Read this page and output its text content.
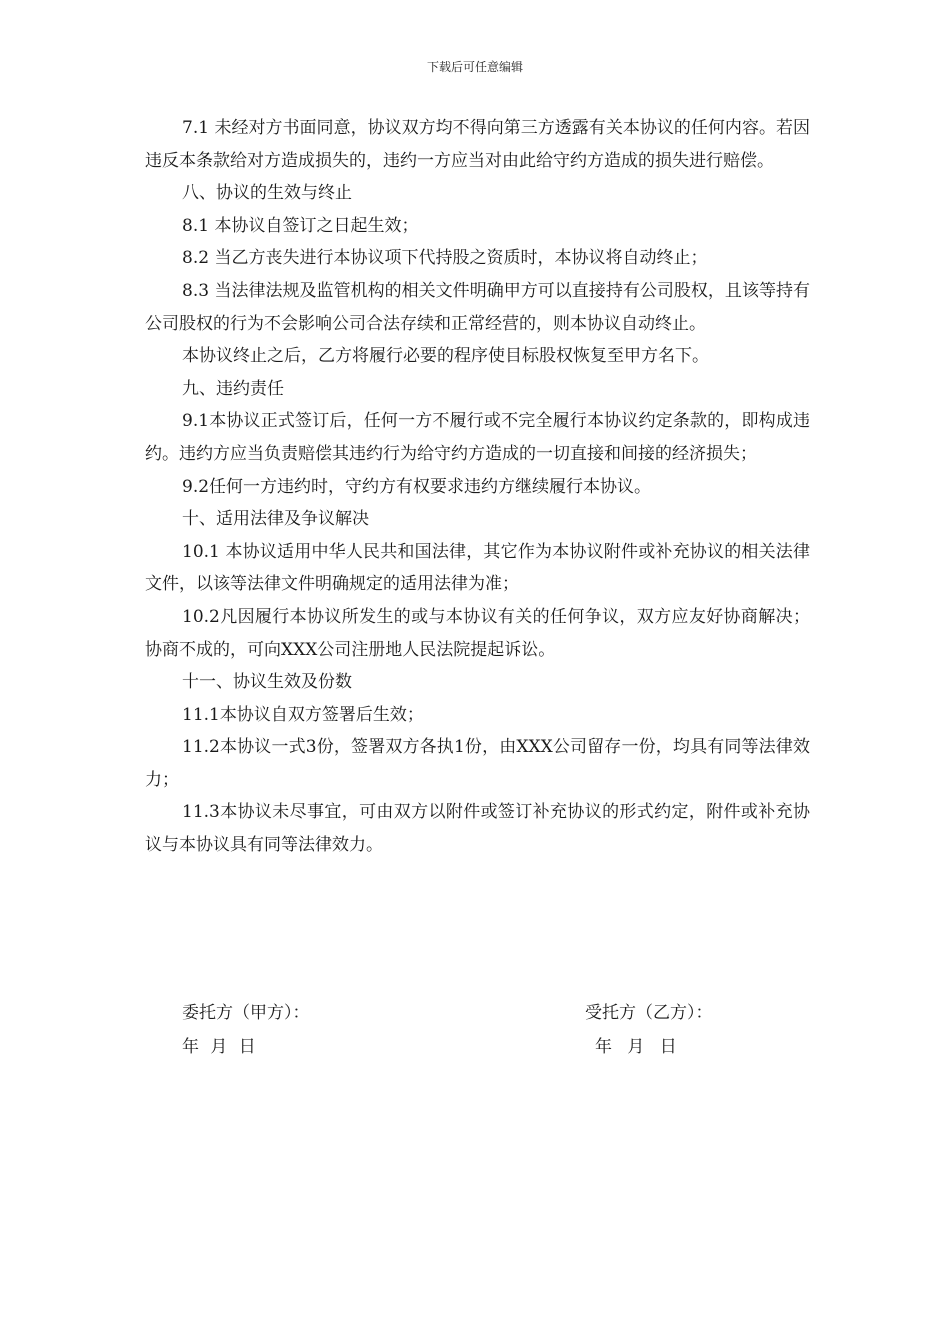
下载后可任意编辑

7.1 未经对方书面同意，协议双方均不得向第三方透露有关本协议的任何内容。若因违反本条款给对方造成损失的，违约一方应当对由此给守约方造成的损失进行赔偿。

八、协议的生效与终止

8.1 本协议自签订之日起生效；

8.2 当乙方丧失进行本协议项下代持股之资质时，本协议将自动终止；

8.3 当法律法规及监管机构的相关文件明确甲方可以直接持有公司股权，且该等持有公司股权的行为不会影响公司合法存续和正常经营的，则本协议自动终止。

本协议终止之后，乙方将履行必要的程序使目标股权恢复至甲方名下。

九、违约责任

9.1本协议正式签订后，任何一方不履行或不完全履行本协议约定条款的，即构成违约。违约方应当负责赔偿其违约行为给守约方造成的一切直接和间接的经济损失；

9.2任何一方违约时，守约方有权要求违约方继续履行本协议。

十、适用法律及争议解决

10.1 本协议适用中华人民共和国法律，其它作为本协议附件或补充协议的相关法律文件，以该等法律文件明确规定的适用法律为准；

10.2凡因履行本协议所发生的或与本协议有关的任何争议，双方应友好协商解决；协商不成的，可向XXX公司注册地人民法院提起诉讼。

十一、协议生效及份数

11.1本协议自双方签署后生效；

11.2本协议一式3份，签署双方各执1份，由XXX公司留存一份，均具有同等法律效力；

11.3本协议未尽事宜，可由双方以附件或签订补充协议的形式约定，附件或补充协议与本协议具有同等法律效力。

委托方（甲方）：
年 月 日
受托方（乙方）：
年 月 日
